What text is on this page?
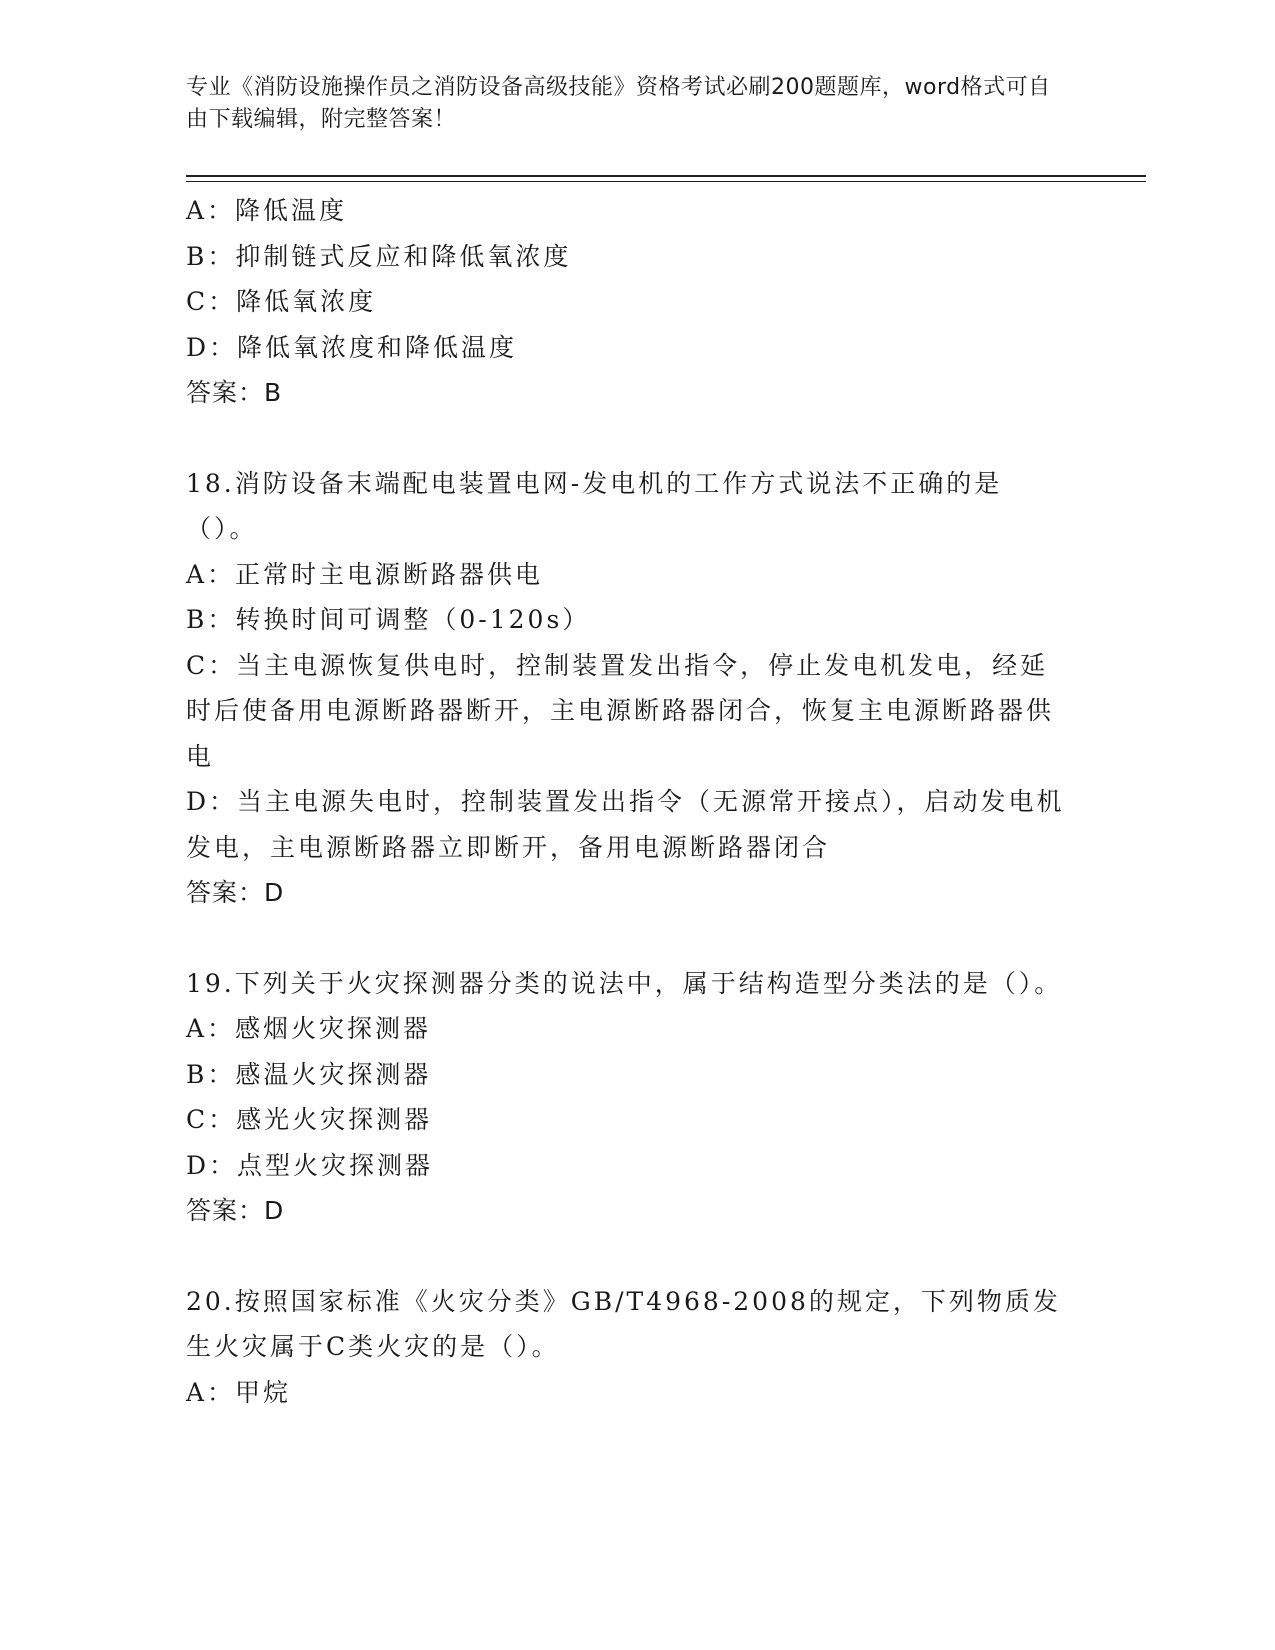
专业《消防设施操作员之消防设备高级技能》资格考试必刷200题题库，word格式可自由下载编辑，附完整答案！
A：降低温度
B：抑制链式反应和降低氧浓度
C：降低氧浓度
D：降低氧浓度和降低温度
答案：B
18.消防设备末端配电装置电网-发电机的工作方式说法不正确的是（）。
A：正常时主电源断路器供电
B：转换时间可调整（0-120s）
C：当主电源恢复供电时，控制装置发出指令，停止发电机发电，经延时后使备用电源断路器断开，主电源断路器闭合，恢复主电源断路器供电
D：当主电源失电时，控制装置发出指令（无源常开接点），启动发电机发电，主电源断路器立即断开，备用电源断路器闭合
答案：D
19.下列关于火灾探测器分类的说法中，属于结构造型分类法的是（）。
A：感烟火灾探测器
B：感温火灾探测器
C：感光火灾探测器
D：点型火灾探测器
答案：D
20.按照国家标准《火灾分类》GB/T4968-2008的规定，下列物质发生火灾属于C类火灾的是（）。
A：甲烷
